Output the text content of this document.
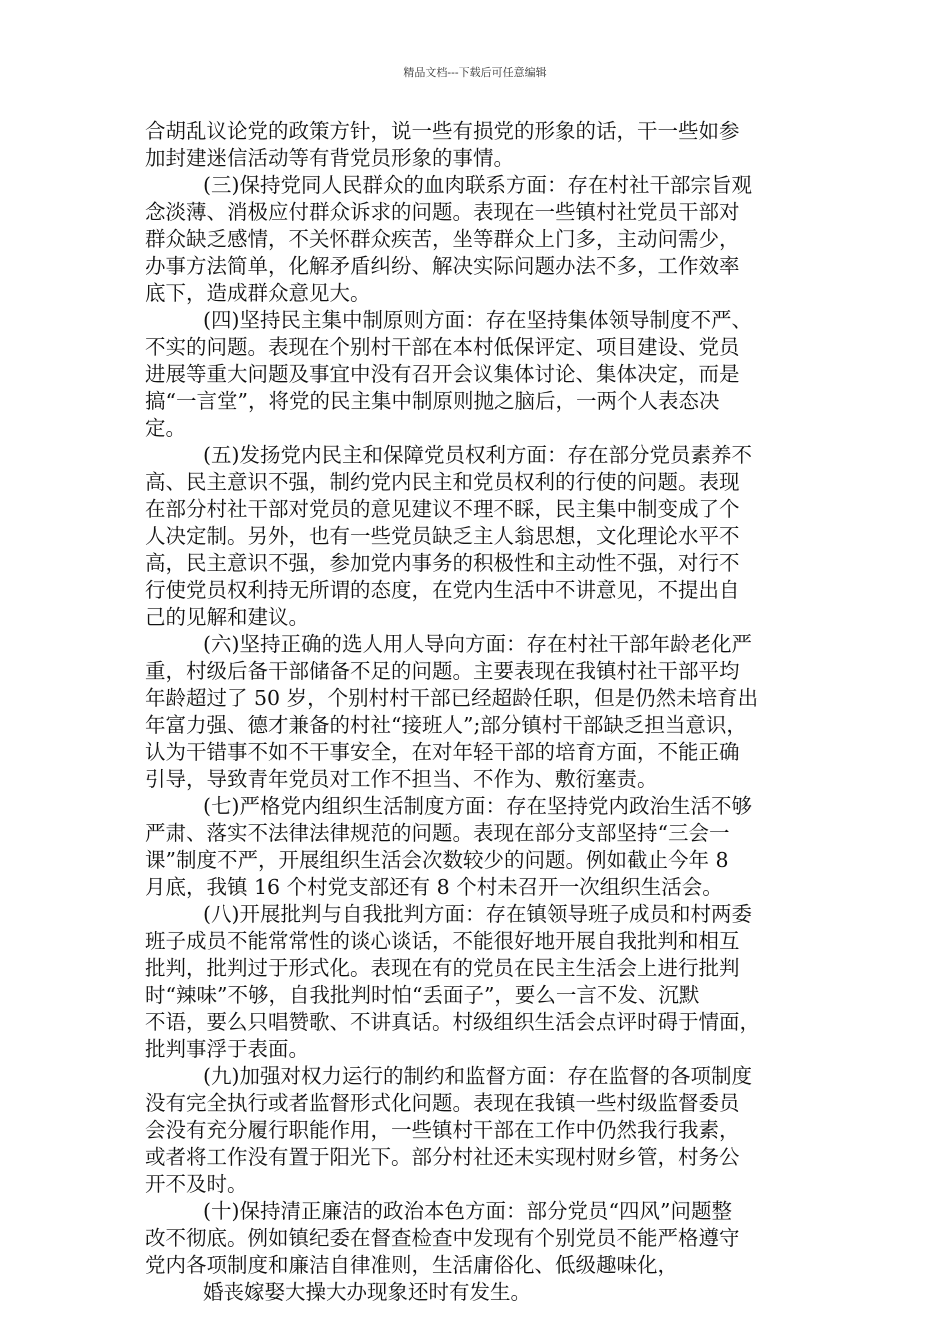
精品文档---下载后可任意编辑
合胡乱议论党的政策方针，说一些有损党的形象的话，干一些如参
加封建迷信活动等有背党员形象的事情。
(三)保持党同人民群众的血肉联系方面：存在村社干部宗旨观
念淡薄、消极应付群众诉求的问题。表现在一些镇村社党员干部对
群众缺乏感情，不关怀群众疾苦，坐等群众上门多，主动问需少，
办事方法简单，化解矛盾纠纷、解决实际问题办法不多，工作效率
底下，造成群众意见大。
(四)坚持民主集中制原则方面：存在坚持集体领导制度不严、
不实的问题。表现在个别村干部在本村低保评定、项目建设、党员
进展等重大问题及事宜中没有召开会议集体讨论、集体决定，而是
搞“一言堂”，将党的民主集中制原则抛之脑后，一两个人表态决
定。
(五)发扬党内民主和保障党员权利方面：存在部分党员素养不
高、民主意识不强，制约党内民主和党员权利的行使的问题。表现
在部分村社干部对党员的意见建议不理不睬，民主集中制变成了个
人决定制。另外，也有一些党员缺乏主人翁思想，文化理论水平不
高，民主意识不强，参加党内事务的积极性和主动性不强，对行不
行使党员权利持无所谓的态度，在党内生活中不讲意见，不提出自
己的见解和建议。
(六)坚持正确的选人用人导向方面：存在村社干部年龄老化严
重，村级后备干部储备不足的问题。主要表现在我镇村社干部平均
年龄超过了 50 岁，个别村村干部已经超龄任职，但是仍然未培育出
年富力强、德才兼备的村社“接班人”;部分镇村干部缺乏担当意识，
认为干错事不如不干事安全，在对年轻干部的培育方面，不能正确
引导，导致青年党员对工作不担当、不作为、敷衍塞责。
(七)严格党内组织生活制度方面：存在坚持党内政治生活不够
严肃、落实不法律法律规范的问题。表现在部分支部坚持“三会一
课”制度不严，开展组织生活会次数较少的问题。例如截止今年 8
月底，我镇 16 个村党支部还有 8 个村未召开一次组织生活会。
(八)开展批判与自我批判方面：存在镇领导班子成员和村两委
班子成员不能常常性的谈心谈话，不能很好地开展自我批判和相互
批判，批判过于形式化。表现在有的党员在民主生活会上进行批判
时“辣味”不够，自我批判时怕“丢面子”，要么一言不发、沉默
不语，要么只唱赞歌、不讲真话。村级组织生活会点评时碍于情面，
批判事浮于表面。
(九)加强对权力运行的制约和监督方面：存在监督的各项制度
没有完全执行或者监督形式化问题。表现在我镇一些村级监督委员
会没有充分履行职能作用，一些镇村干部在工作中仍然我行我素，
或者将工作没有置于阳光下。部分村社还未实现村财乡管，村务公
开不及时。
(十)保持清正廉洁的政治本色方面：部分党员“四风”问题整
改不彻底。例如镇纪委在督查检查中发现有个别党员不能严格遵守
党内各项制度和廉洁自律准则，生活庸俗化、低级趣味化，
婚丧嫁娶大操大办现象还时有发生。
